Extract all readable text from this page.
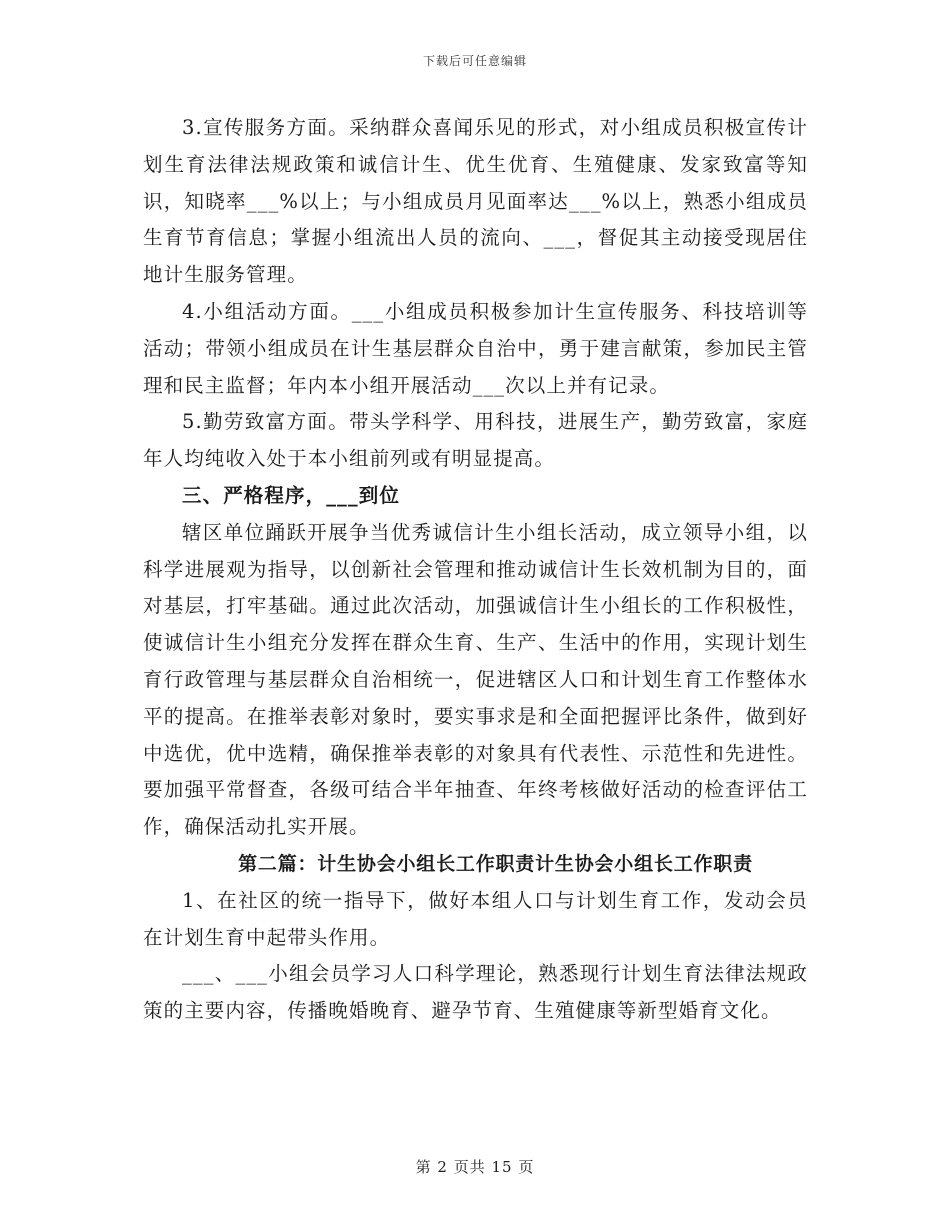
下载后可任意编辑

3.宣传服务方面。采纳群众喜闻乐见的形式，对小组成员积极宣传计划生育法律法规政策和诚信计生、优生优育、生殖健康、发家致富等知识，知晓率___%以上；与小组成员月见面率达___%以上，熟悉小组成员生育节育信息；掌握小组流出人员的流向、___，督促其主动接受现居住地计生服务管理。

4.小组活动方面。___小组成员积极参加计生宣传服务、科技培训等活动；带领小组成员在计生基层群众自治中，勇于建言献策，参加民主管理和民主监督；年内本小组开展活动___次以上并有记录。

5.勤劳致富方面。带头学科学、用科技，进展生产，勤劳致富，家庭年人均纯收入处于本小组前列或有明显提高。

三、严格程序，___到位

辖区单位踊跃开展争当优秀诚信计生小组长活动，成立领导小组，以科学进展观为指导，以创新社会管理和推动诚信计生长效机制为目的，面对基层，打牢基础。通过此次活动，加强诚信计生小组长的工作积极性，使诚信计生小组充分发挥在群众生育、生产、生活中的作用，实现计划生育行政管理与基层群众自治相统一，促进辖区人口和计划生育工作整体水平的提高。在推举表彰对象时，要实事求是和全面把握评比条件，做到好中选优，优中选精，确保推举表彰的对象具有代表性、示范性和先进性。要加强平常督查，各级可结合半年抽查、年终考核做好活动的检查评估工作，确保活动扎实开展。

第二篇：计生协会小组长工作职责计生协会小组长工作职责

1、在社区的统一指导下，做好本组人口与计划生育工作，发动会员在计划生育中起带头作用。

___、___小组会员学习人口科学理论，熟悉现行计划生育法律法规政策的主要内容，传播晚婚晚育、避孕节育、生殖健康等新型婚育文化。

第 2 页共 15 页
